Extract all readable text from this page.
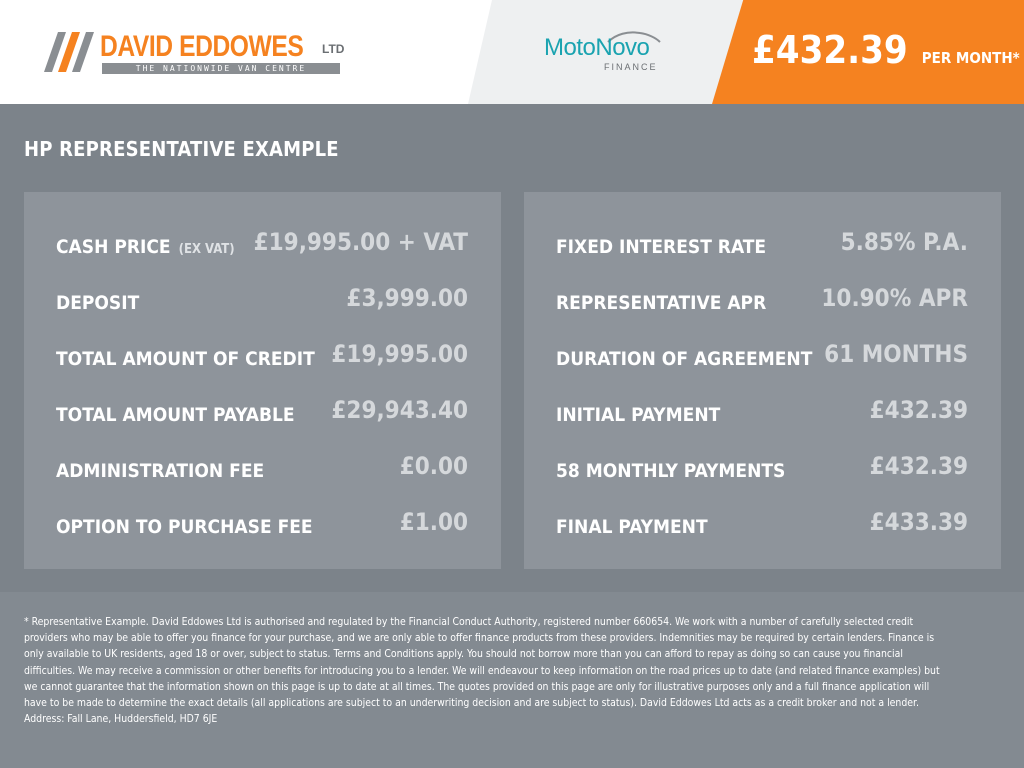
DAVID EDDOWES LTD
THE NATIONWIDE VAN CENTRE
MotoNovo
FINANCE £432.39 PER MONTH*
HP REPRESENTATIVE EXAMPLE
CASH PRICE (EX VAT) £19,995.00 + VAT
DEPOSIT	£3,999.00
TOTAL AMOUNT OF CREDIT £19,995.00
TOTAL AMOUNT PAYABLE £29,943.40
ADMINISTRATION FEE	£0.00
OPTION TO PURCHASE FEE	£1.00
FIXED INTEREST RATE	5.85% P.A.
REPRESENTATIVE APR 10.90% APR
DURATION OF AGREEMENT 61 MONTHS
INITIAL PAYMENT	£432.39
58 MONTHLY PAYMENTS	£432.39
FINAL PAYMENT	£433.39
* Representative Example. David Eddowes Ltd is authorised and regulated by the Financial Conduct Authority, registered number 660654. We work with a number of carefully selected credit providers who may be able to offer you finance for your purchase, and we are only able to offer finance products from these providers. Indemnities may be required by certain lenders. Finance is only available to UK residents, aged 18 or over, subject to status. Terms and Conditions apply. You should not borrow more than you can afford to repay as doing so can cause you financial difficulties. We may receive a commission or other benefits for introducing you to a lender. We will endeavour to keep information on the road prices up to date (and related finance examples) but we cannot guarantee that the information shown on this page is up to date at all times. The quotes provided on this page are only for illustrative purposes only and a full finance application will have to be made to determine the exact details (all applications are subject to an underwriting decision and are subject to status). David Eddowes Ltd acts as a credit broker and not a lender. Address: Fall Lane, Huddersfield, HD7 6JE
